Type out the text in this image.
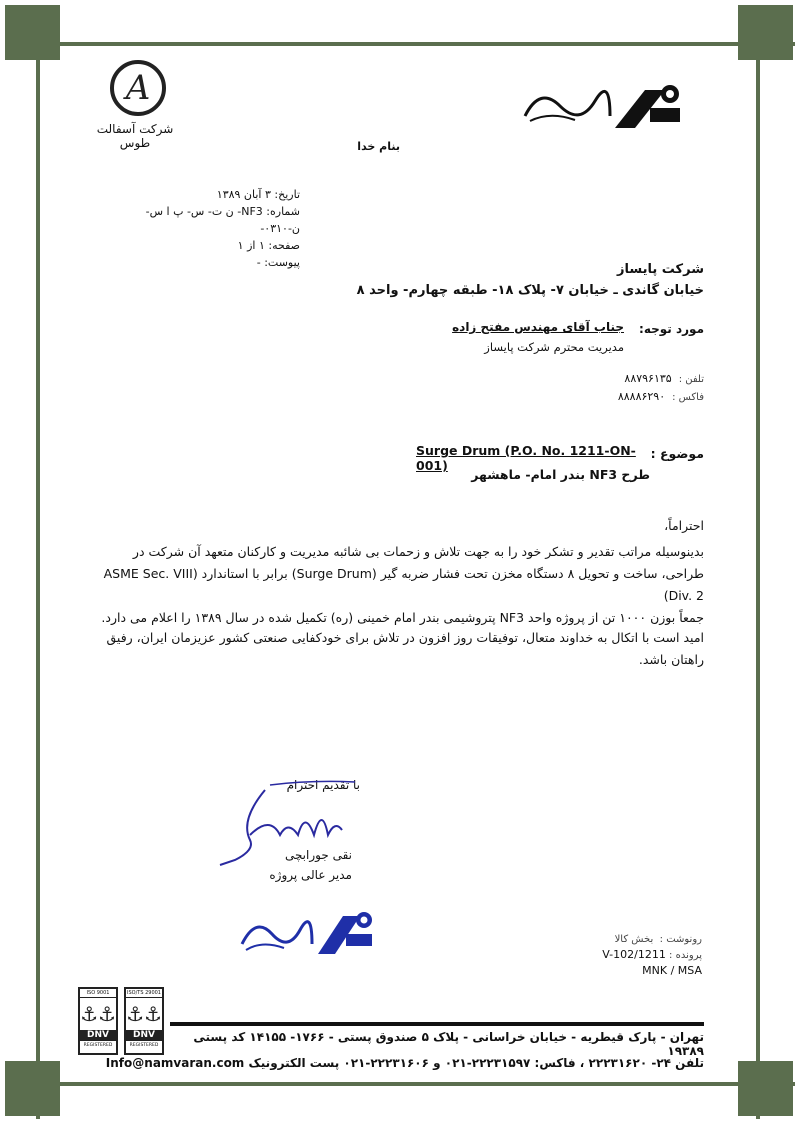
A
شرکت آسفالت طوس	بنام خدا
تاریخ: ۳ آبان ۱۳۸۹
شماره: NF3- ن ت- س- پ ا س- ن-۰۳۱۰-
صفحه: ۱ از ۱
پیوست: -	شرکت پایساز
خیابان گاندی ـ خیابان ۷- پلاک ۱۸- طبقه چهارم- واحد ۸
مورد توجه:
جناب آقای مهندس مفتح زاده
مدیریت محترم شرکت پایساز
تلفن :  ۸۸۷۹۶۱۳۵
فاکس :  ۸۸۸۸۶۲۹۰
موضوع :
Surge Drum (P.O. No. 1211-ON-001)
طرح NF3 بندر امام- ماهشهر
احتراماً،
بدینوسیله مراتب تقدیر و تشکر خود را به جهت تلاش و زحمات بی شائبه مدیریت و کارکنان متعهد آن شرکت در
طراحی، ساخت و تحویل ۸ دستگاه مخزن تحت فشار ضربه گیر (Surge Drum) برابر با استاندارد (ASME Sec. VIII (Div. 2
جمعاً بوزن ۱۰۰۰ تن از پروژه واحد NF3 پتروشیمی بندر امام خمینی (ره) تکمیل شده در سال ۱۳۸۹ را اعلام می دارد.
امید است با اتکال به خداوند متعال، توفیقات روز افزون در تلاش برای خودکفایی صنعتی کشور عزیزمان ایران، رفیق
راهتان باشد.
با تقدیم احترام
نقی جورابچی
مدیر عالی پروژه
رونوشت :  بخش کالا
پرونده : 1211/V-102
MNK / MSA
ISO 9001
⚓⚓
DNV
REGISTERED
ISO/TS 29001
⚓⚓
DNV
REGISTERED
تهران - پارک قیطریه - خیابان خراسانی - پلاک ۵ صندوق پستی - ۱۷۶۶- ۱۴۱۵۵ کد پستی ۱۹۳۸۹
تلفن ۲۴- ۲۲۲۳۱۶۲۰ ، فاکس: ۲۲۲۳۱۵۹۷-۰۲۱ و ۲۲۲۳۱۶۰۶-۰۲۱ پست الکترونیک Info@namvaran.com
